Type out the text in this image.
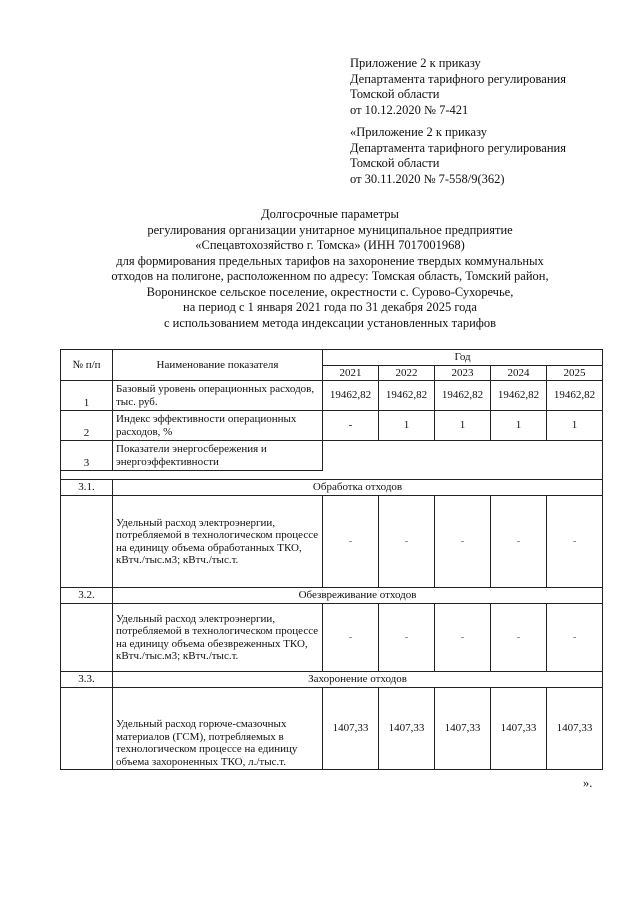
Приложение 2 к приказу
Департамента тарифного регулирования
Томской области
от 10.12.2020 № 7-421
«Приложение 2 к приказу
Департамента тарифного регулирования
Томской области
от 30.11.2020 № 7-558/9(362)
Долгосрочные параметры
регулирования организации унитарное муниципальное предприятие
«Спецавтохозяйство г. Томска» (ИНН 7017001968)
для формирования предельных тарифов на захоронение твердых коммунальных
отходов на полигоне, расположенном по адресу: Томская область, Томский район,
Воронинское сельское поселение, окрестности с. Сурово-Сухоречье,
на период с 1 января 2021 года по 31 декабря 2025 года
с использованием метода индексации установленных тарифов
№ п/п	Наименование показателя	Год				
		2021	2022	2023	2024	2025
1	Базовый уровень операционных расходов, тыс. руб.	19462,82	19462,82	19462,82	19462,82	19462,82
2	Индекс эффективности операционных расходов, %	-	1	1	1	1
3	Показатели энергосбережения и энергоэффективности					

3.1.	Обработка отходов					
	Удельный расход электроэнергии, потребляемой в технологическом процессе на единицу объема обработанных ТКО, кВтч./тыс.м3; кВтч./тыс.т.	-	-	-	-	-
3.2.	Обезвреживание отходов					
	Удельный расход электроэнергии, потребляемой в технологическом процессе на единицу объема обезвреженных ТКО, кВтч./тыс.м3; кВтч./тыс.т.	-	-	-	-	-
3.3.	Захоронение отходов					
	Удельный расход горюче-смазочных материалов (ГСМ), потребляемых в технологическом процессе на единицу объема захороненных ТКО, л./тыс.т.	1407,33	1407,33	1407,33	1407,33	1407,33
».
